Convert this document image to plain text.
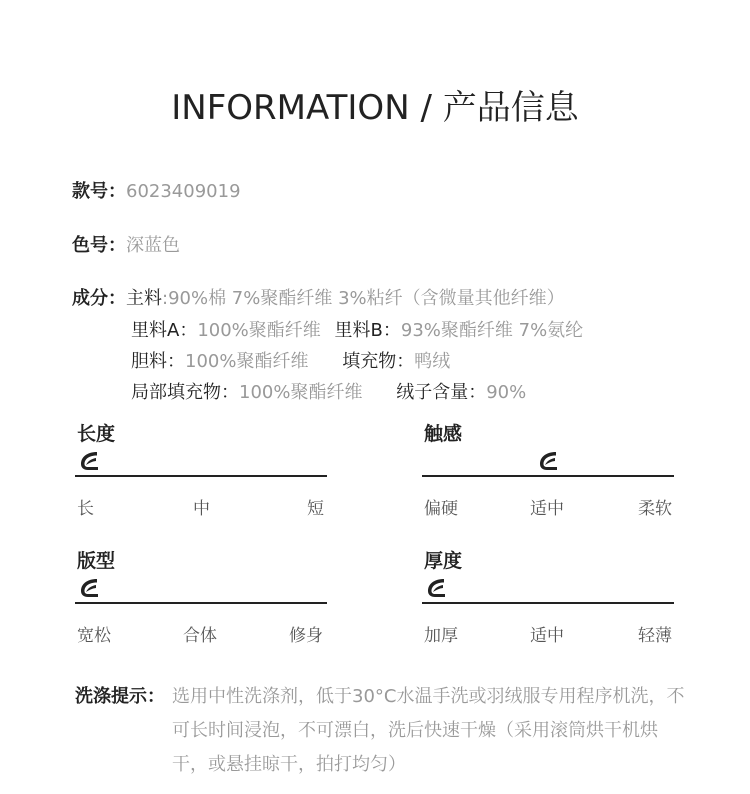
INFORMATION / 产品信息
款号：6023409019
色号：深蓝色
成分：主料:90%棉 7%聚酯纤维 3%粘纤（含微量其他纤维）
里料A：100%聚酯纤维 里料B：93%聚酯纤维 7%氨纶
胆料：100%聚酯纤维 填充物：鸭绒
局部填充物：100%聚酯纤维 绒子含量：90%
长度
长	中	短
触感
偏硬	适中	柔软
版型
宽松	合体	修身
厚度
加厚	适中	轻薄
洗涤提示： 选用中性洗涤剂，低于30°C水温手洗或羽绒服专用程序机洗，不可长时间浸泡，不可漂白，洗后快速干燥（采用滚筒烘干机烘干，或悬挂晾干，拍打均匀）
